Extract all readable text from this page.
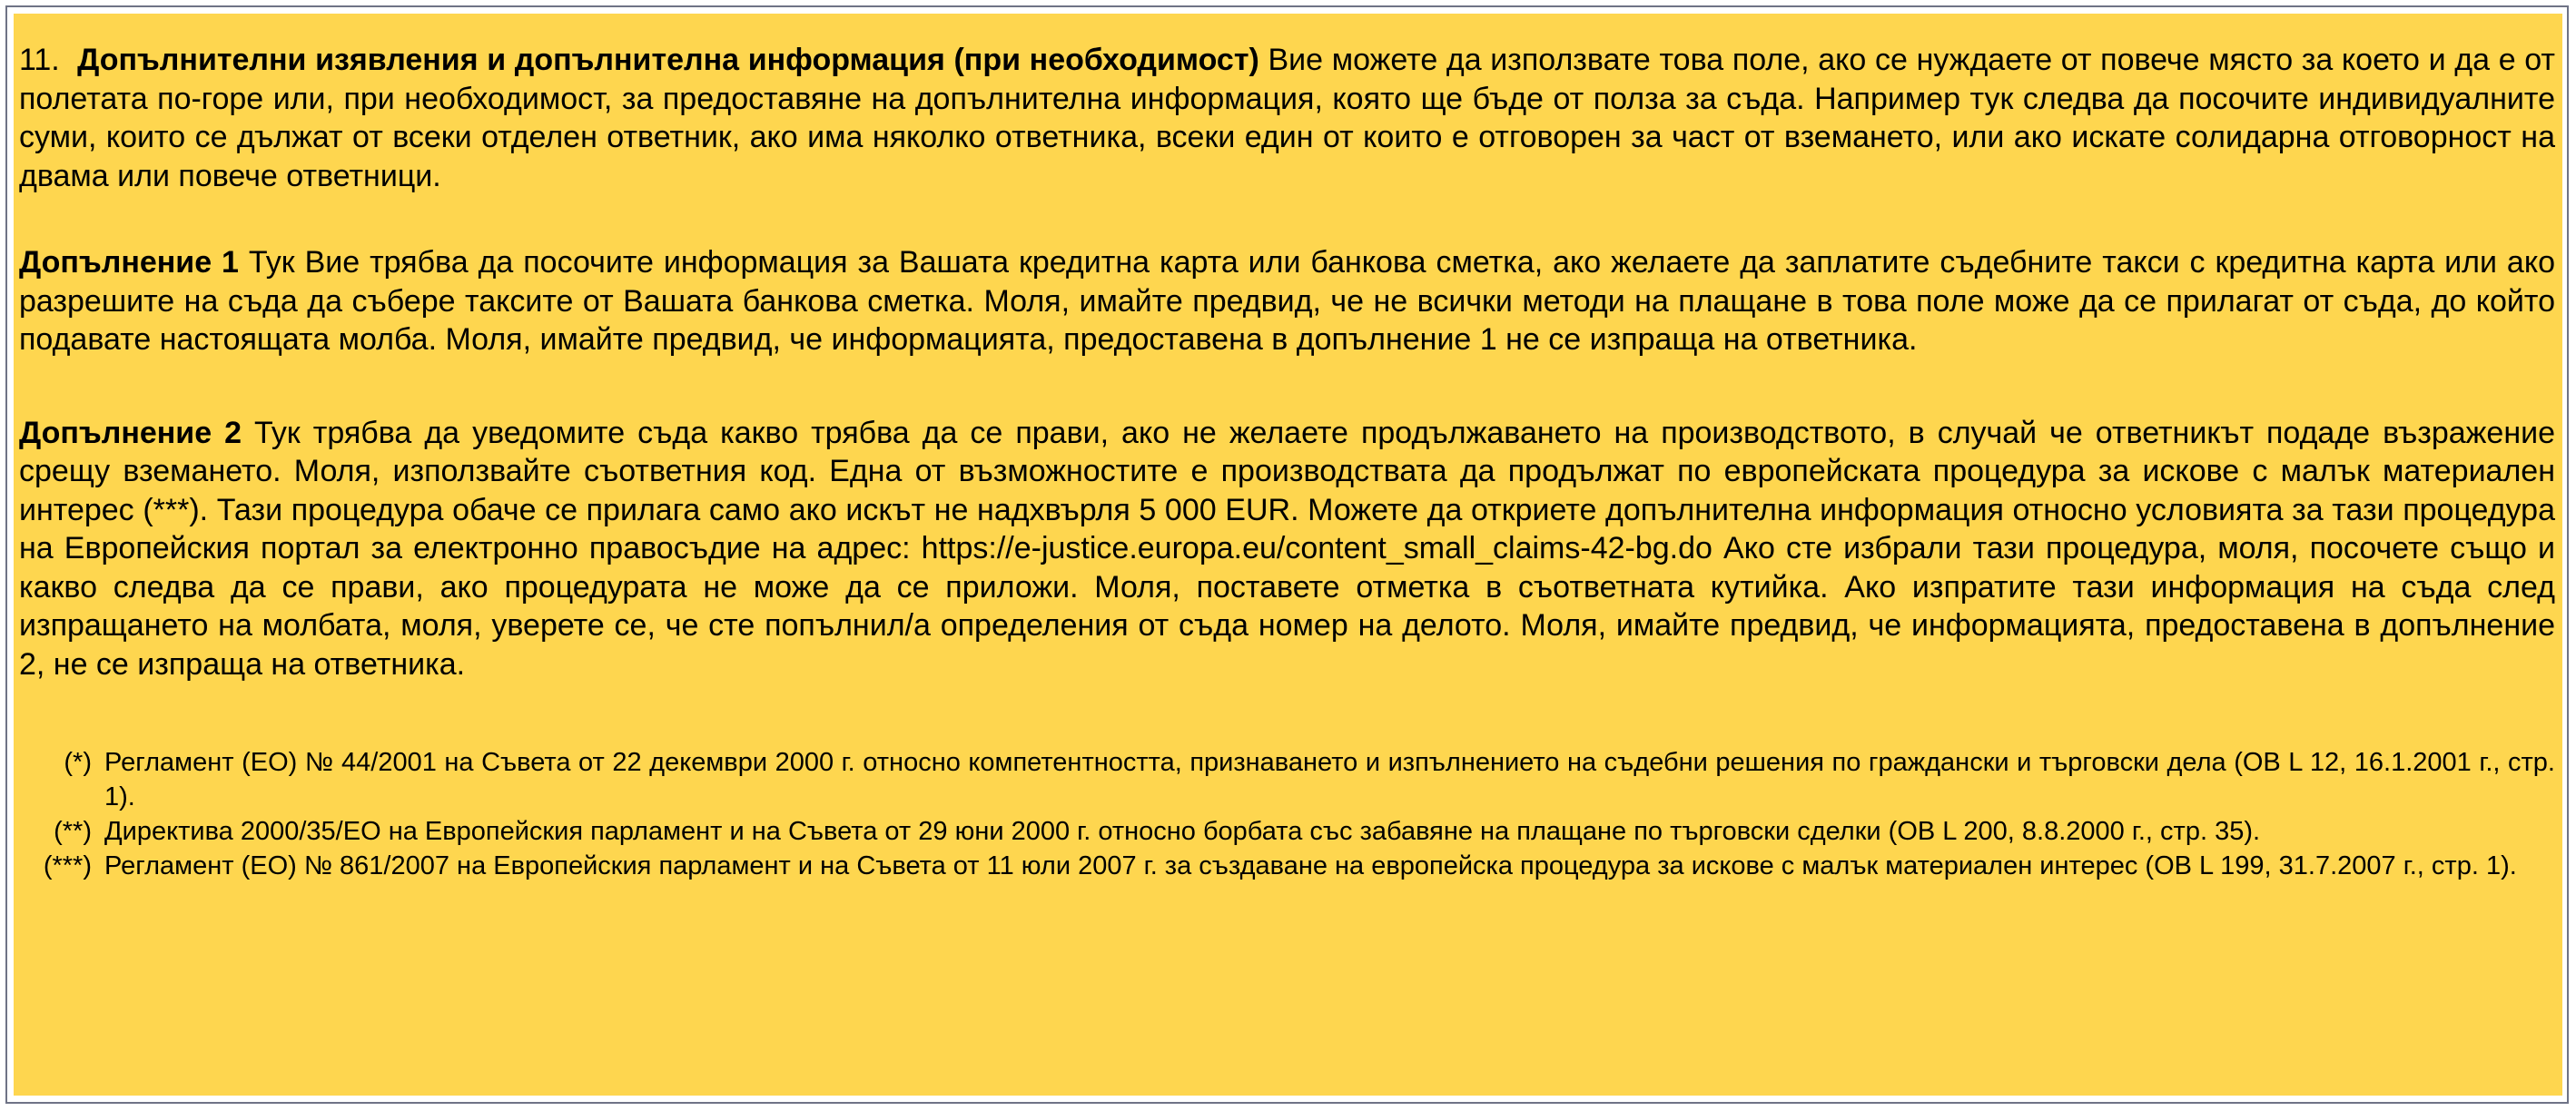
11. Допълнителни изявления и допълнителна информация (при необходимост) Вие можете да използвате това поле, ако се нуждаете от повече място за което и да е от полетата по-горе или, при необходимост, за предоставяне на допълнителна информация, която ще бъде от полза за съда. Например тук следва да посочите индивидуалните суми, които се дължат от всеки отделен ответник, ако има няколко ответника, всеки един от които е отговорен за част от вземането, или ако искате солидарна отговорност на двама или повече ответници.

Допълнение 1 Тук Вие трябва да посочите информация за Вашата кредитна карта или банкова сметка, ако желаете да заплатите съдебните такси с кредитна карта или ако разрешите на съда да събере таксите от Вашата банкова сметка. Моля, имайте предвид, че не всички методи на плащане в това поле може да се прилагат от съда, до който подавате настоящата молба. Моля, имайте предвид, че информацията, предоставена в допълнение 1 не се изпраща на ответника.

Допълнение 2 Тук трябва да уведомите съда какво трябва да се прави, ако не желаете продължаването на производството, в случай че ответникът подаде възражение срещу вземането. Моля, използвайте съответния код. Една от възможностите е производствата да продължат по европейската процедура за искове с малък материален интерес (***). Тази процедура обаче се прилага само ако искът не надхвърля 5 000 EUR. Можете да откриете допълнителна информация относно условията за тази процедура на Европейския портал за електронно правосъдие на адрес: https://e-justice.europa.eu/content_small_claims-42-bg.do Ако сте избрали тази процедура, моля, посочете също и какво следва да се прави, ако процедурата не може да се приложи. Моля, поставете отметка в съответната кутийка. Ако изпратите тази информация на съда след изпращането на молбата, моля, уверете се, че сте попълнил/а определения от съда номер на делото. Моля, имайте предвид, че информацията, предоставена в допълнение 2, не се изпраща на ответника.

(*) Регламент (ЕО) № 44/2001 на Съвета от 22 декември 2000 г. относно компетентността, признаването и изпълнението на съдебни решения по граждански и търговски дела (ОВ L 12, 16.1.2001 г., стр. 1).
(**) Директива 2000/35/ЕО на Европейския парламент и на Съвета от 29 юни 2000 г. относно борбата със забавяне на плащане по търговски сделки (ОВ L 200, 8.8.2000 г., стр. 35).
(***) Регламент (ЕО) № 861/2007 на Европейския парламент и на Съвета от 11 юли 2007 г. за създаване на европейска процедура за искове с малък материален интерес (ОВ L 199, 31.7.2007 г., стр. 1).
